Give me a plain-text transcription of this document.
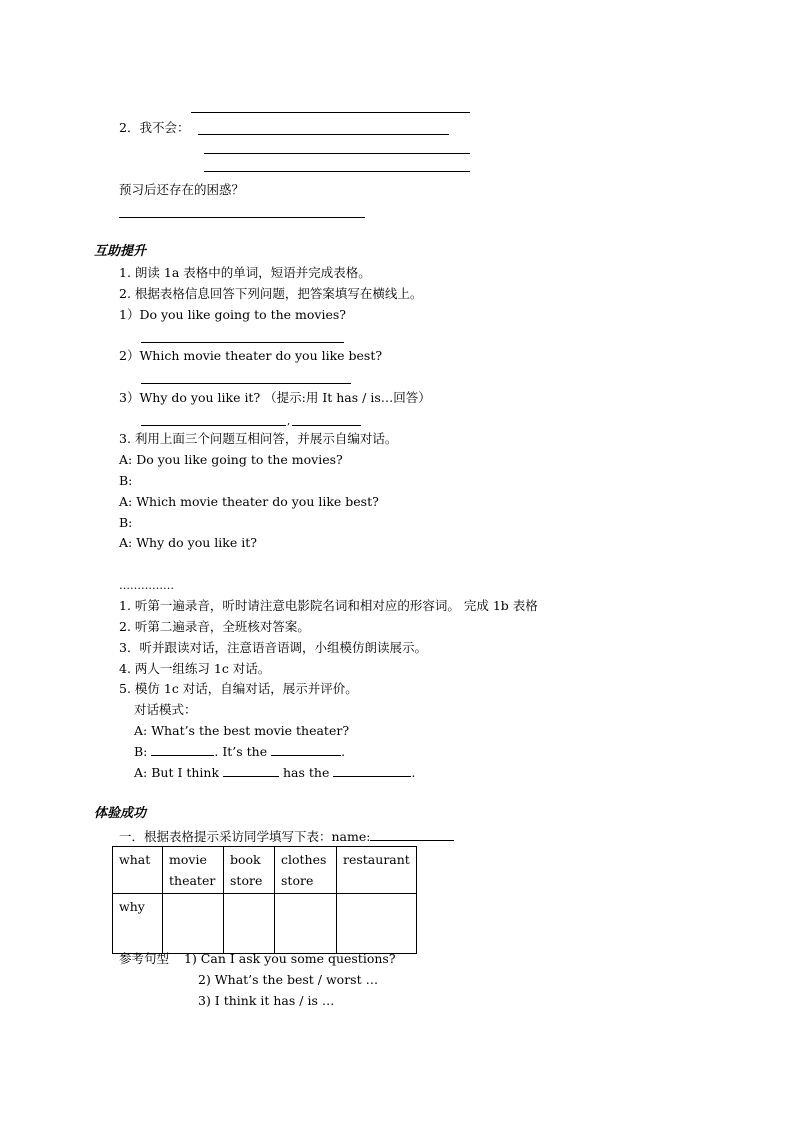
2．我不会：
预习后还存在的困惑？
互助提升
1. 朗读 1a 表格中的单词，短语并完成表格。
2. 根据表格信息回答下列问题，把答案填写在横线上。
1）Do you like going to the movies?
2）Which movie theater do you like best?
3）Why do you like it? （提示:用 It has / is…回答）
,
3. 利用上面三个问题互相问答，并展示自编对话。
A: Do you like going to the movies?
B:
A: Which movie theater do you like best?
B:
A: Why do you like it?
……………
1. 听第一遍录音，听时请注意电影院名词和相对应的形容词。 完成 1b 表格
2. 听第二遍录音，全班核对答案。
3．听并跟读对话，注意语音语调，小组模仿朗读展示。
4. 两人一组练习 1c 对话。
5. 模仿 1c 对话，自编对话，展示并评价。
对话模式：
A: What’s the best movie theater?
B:	. It’s the	.
A: But I think	has the	.
体验成功
一．根据表格提示采访同学填写下表：name:
what	movie theater	book store	clothes store	restaurant
why				
参考句型 1) Can I ask you some questions?
2) What’s the best / worst …
3) I think it has / is …
